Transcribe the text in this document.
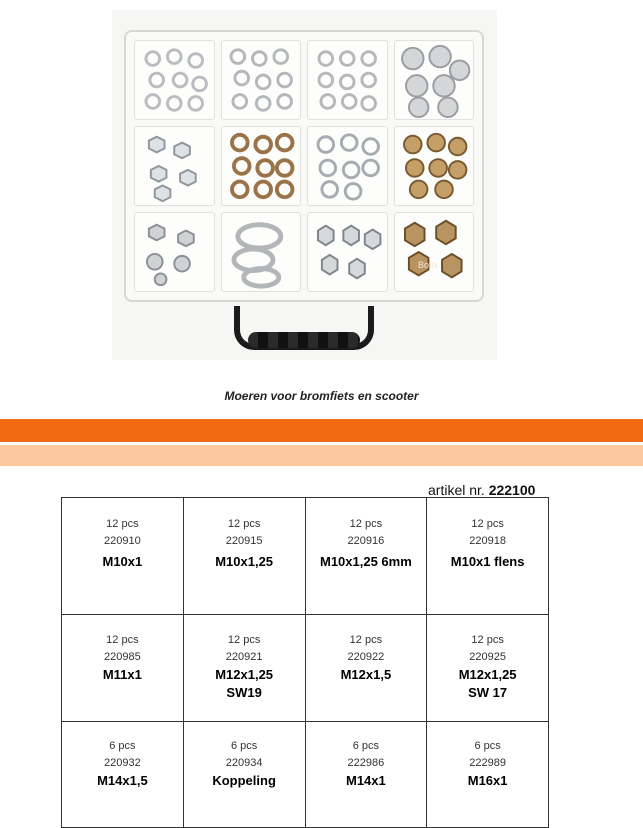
Bofix
Moeren voor bromfiets en scooter
artikel nr. 222100
12 pcs
220910
M10x1	12 pcs
220915
M10x1,25	12 pcs
220916
M10x1,25 6mm	12 pcs
220918
M10x1 flens

12 pcs
220985
M11x1	12 pcs
220921
M12x1,25
SW19	12 pcs
220922
M12x1,5	12 pcs
220925
M12x1,25
SW 17

6 pcs
220932
M14x1,5	6 pcs
220934
Koppeling	6 pcs
222986
M14x1	6 pcs
222989
M16x1
